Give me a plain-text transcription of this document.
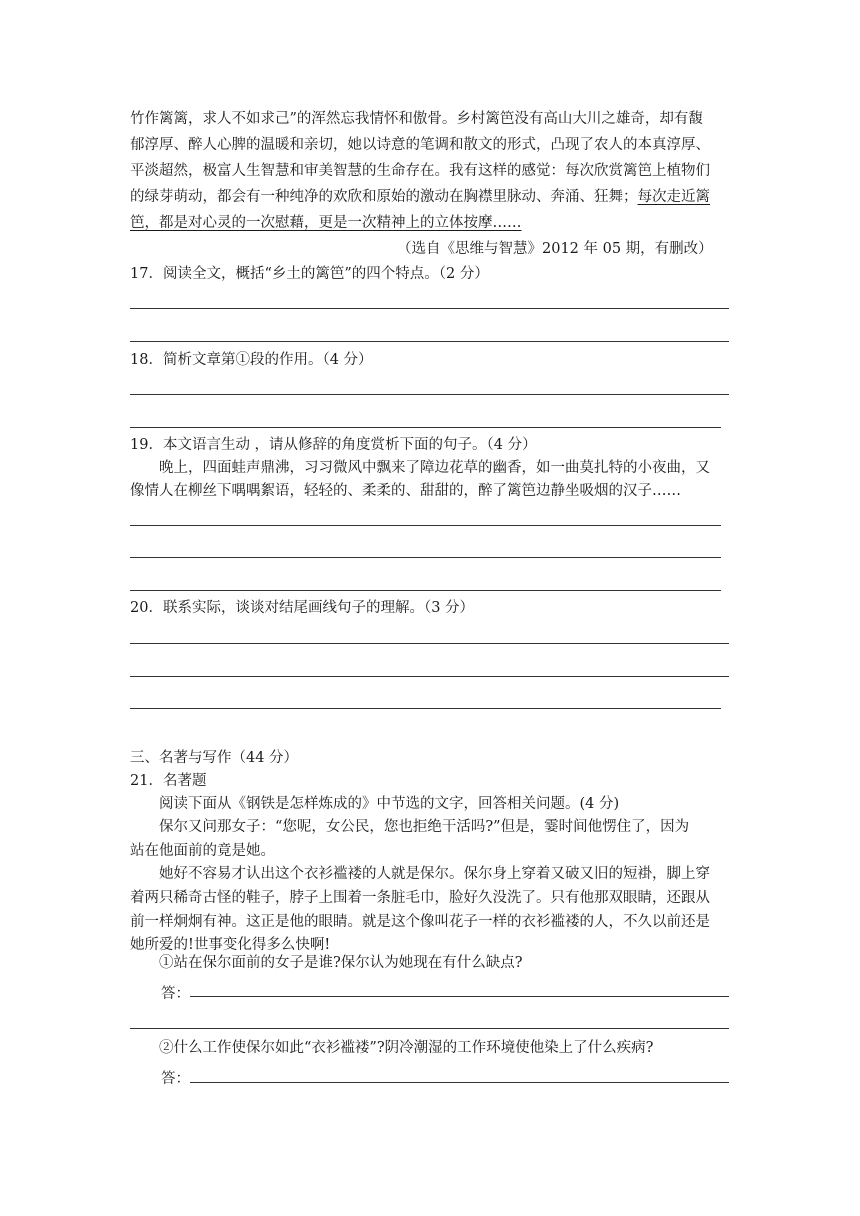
竹作篱篱，求人不如求己”的浑然忘我情怀和傲骨。乡村篱笆没有高山大川之雄奇，却有馥
郁淳厚、醉人心脾的温暖和亲切，她以诗意的笔调和散文的形式，凸现了农人的本真淳厚、
平淡超然，极富人生智慧和审美智慧的生命存在。我有这样的感觉：每次欣赏篱笆上植物们
的绿芽萌动，都会有一种纯净的欢欣和原始的激动在胸襟里脉动、奔涌、狂舞；每次走近篱
笆，都是对心灵的一次慰藉，更是一次精神上的立体按摩……
（选自《思维与智慧》2012 年 05 期，有删改）
17．阅读全文，概括“乡土的篱笆”的四个特点。（2 分）
18．简析文章第①段的作用。（4 分）
19．本文语言生动 ，请从修辞的角度赏析下面的句子。（4 分）
晚上，四面蛙声鼎沸，习习微风中飘来了障边花草的幽香，如一曲莫扎特的小夜曲，又
像情人在柳丝下喁喁絮语，轻轻的、柔柔的、甜甜的，醉了篱笆边静坐吸烟的汉子……
20．联系实际，谈谈对结尾画线句子的理解。（3 分）
三、名著与写作（44 分）
21．名著题
阅读下面从《钢铁是怎样炼成的》中节选的文字，回答相关问题。(4 分)
保尔又问那女子：“您呢，女公民，您也拒绝干活吗?”但是，霎时间他愣住了，因为
站在他面前的竟是她。
她好不容易才认出这个衣衫褴褛的人就是保尔。保尔身上穿着又破又旧的短褂，脚上穿
着两只稀奇古怪的鞋子，脖子上围着一条脏毛巾，脸好久没洗了。只有他那双眼睛，还跟从
前一样炯炯有神。这正是他的眼睛。就是这个像叫花子一样的衣衫褴褛的人，不久以前还是
她所爱的!世事变化得多么快啊!
①站在保尔面前的女子是谁?保尔认为她现在有什么缺点?
答：
②什么工作使保尔如此“衣衫褴褛”?阴冷潮湿的工作环境使他染上了什么疾病?
答：
